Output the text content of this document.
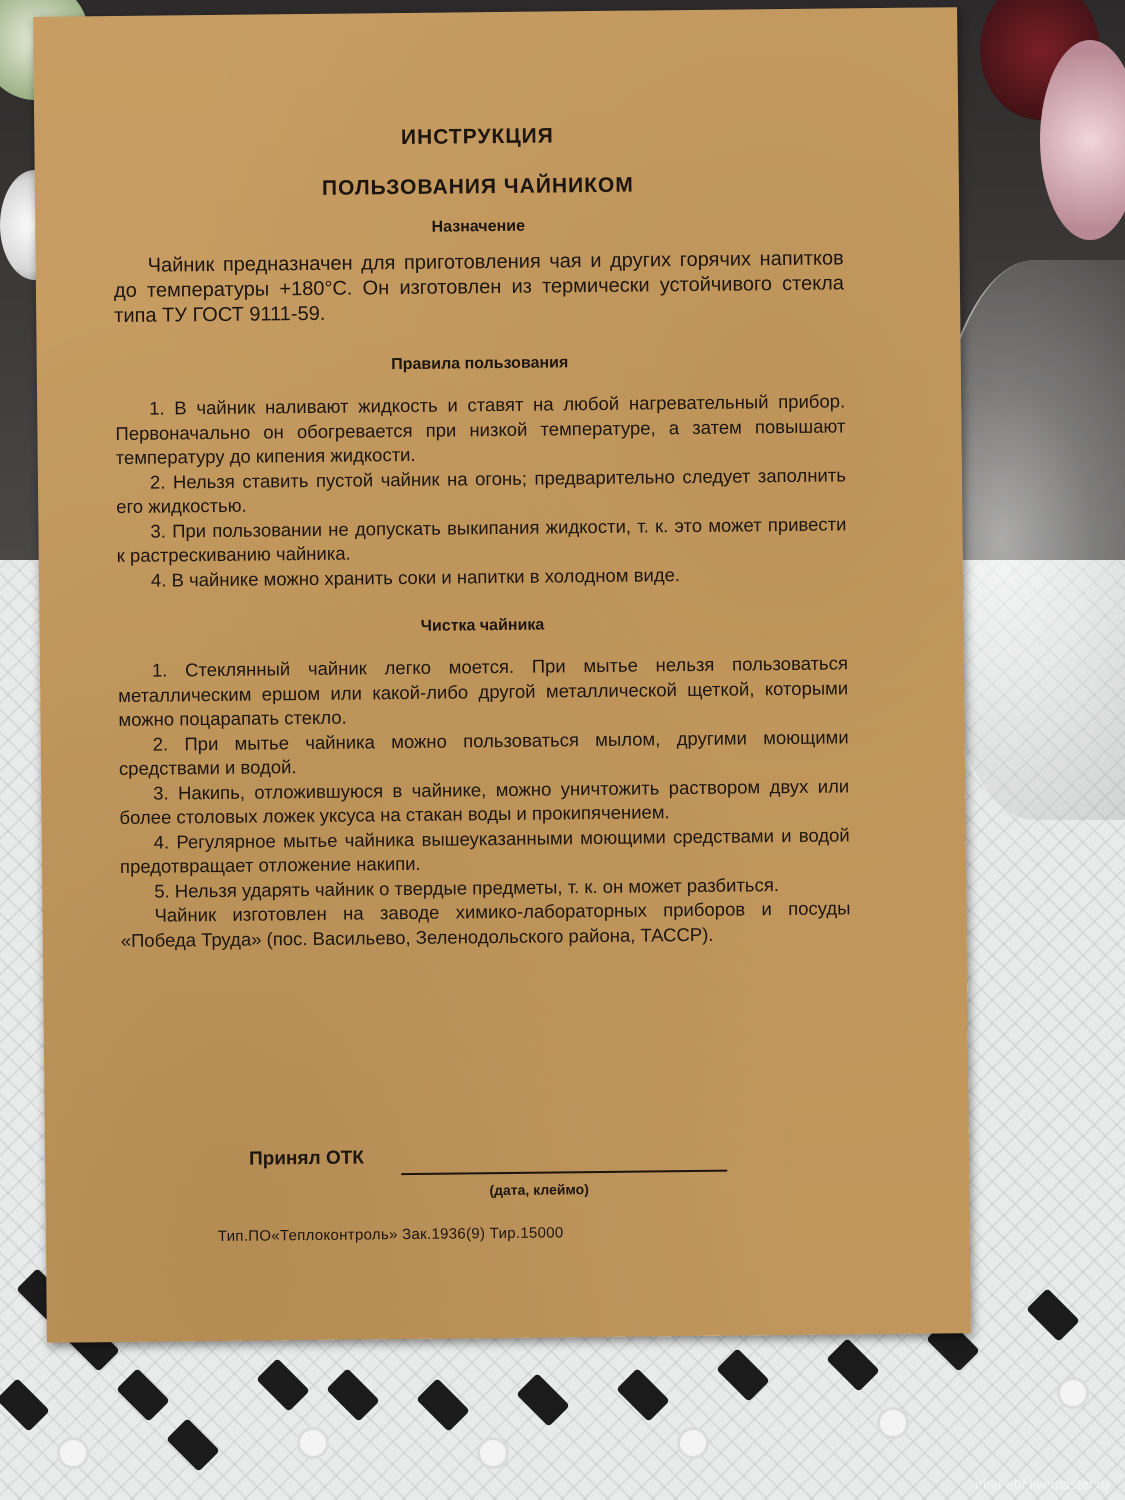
ИНСТРУКЦИЯ

ПОЛЬЗОВАНИЯ ЧАЙНИКОМ

Назначение

Чайник предназначен для приготовления чая и других горячих напитков до температуры +180°С. Он изготовлен из термически устойчивого стекла типа ТУ ГОСТ 9111-59.

Правила пользования

1. В чайник наливают жидкость и ставят на любой нагревательный прибор. Первоначально он обогревается при низкой температуре, а затем повышают температуру до кипения жидкости.

2. Нельзя ставить пустой чайник на огонь; предварительно следует заполнить его жидкостью.

3. При пользовании не допускать выкипания жидкости, т. к. это может привести к растрескиванию чайника.

4. В чайнике можно хранить соки и напитки в холодном виде.

Чистка чайника

1. Стеклянный чайник легко моется. При мытье нельзя пользоваться металлическим ершом или какой-либо другой металлической щеткой, которыми можно поцарапать стекло.

2. При мытье чайника можно пользоваться мылом, другими моющими средствами и водой.

3. Накипь, отложившуюся в чайнике, можно уничтожить раствором двух или более столовых ложек уксуса на стакан воды и прокипячением.

4. Регулярное мытье чайника вышеуказанными моющими средствами и водой предотвращает отложение накипи.

5. Нельзя ударять чайник о твердые предметы, т. к. он может разбиться.

Чайник изготовлен на заводе химико-лабораторных приборов и посуды «Победа Труда» (пос. Васильево, Зеленодольского района, ТАССР).

Принял ОТК
(дата, клеймо)
Тип.ПО«Теплоконтроль» Зак.1936(9) Тир.15000
irina-e0f.livemaster.ru
